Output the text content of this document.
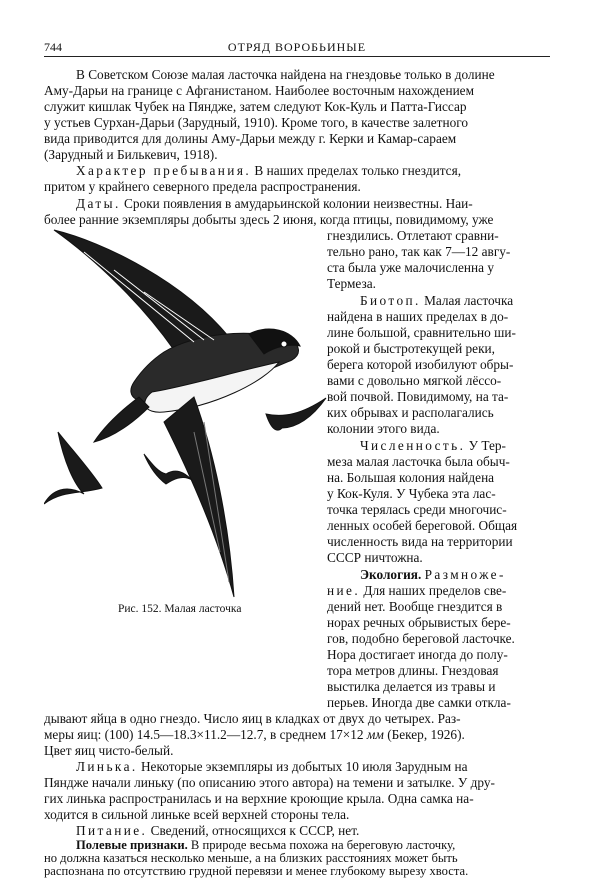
744	ОТРЯД ВОРОБЬИНЫЕ
В Советском Союзе малая ласточка найдена на гнездовье только в долине
Аму-Дарьи на границе с Афганистаном. Наиболее восточным нахождением
служит кишлак Чубек на Пяндже, затем следуют Кок-Куль и Патта-Гиссар
у устьев Сурхан-Дарьи (Зарудный, 1910). Кроме того, в качестве залетного
вида приводится для долины Аму-Дарьи между г. Керки и Камар-сараем
(Зарудный и Билькевич, 1918).
Характер пребывания. В наших пределах только гнездится,
притом у крайнего северного предела распространения.
Даты. Сроки появления в амударьинской колонии неизвестны. Наи-
более ранние экземпляры добыты здесь 2 июня, когда птицы, повидимому, уже
гнездились. Отлетают сравни-
тельно рано, так как 7—12 авгу-
ста была уже малочисленна у
Термеза.
Биотоп. Малая ласточка
найдена в наших пределах в до-
лине большой, сравнительно ши-
рокой и быстротекущей реки,
берега которой изобилуют обры-
вами с довольно мягкой лёссо-
вой почвой. Повидимому, на та-
ких обрывах и располагались
колонии этого вида.
Численность. У Тер-
меза малая ласточка была обыч-
на. Большая колония найдена
у Кок-Куля. У Чубека эта лас-
точка терялась среди многочис-
ленных особей береговой. Общая
численность вида на территории
СССР ничтожна.
Экология. Размноже-
ние. Для наших пределов све-
дений нет. Вообще гнездится в
норах речных обрывистых бере-
гов, подобно береговой ласточке.
Нора достигает иногда до полу-
тора метров длины. Гнездовая
выстилка делается из травы и
перьев. Иногда две самки откла-
дывают яйца в одно гнездо. Число яиц в кладках от двух до четырех. Раз-
меры яиц: (100) 14.5—18.3×11.2—12.7, в среднем 17×12 мм (Бекер, 1926).
Цвет яиц чисто-белый.
Линька. Некоторые экземпляры из добытых 10 июля Зарудным на
Пяндже начали линьку (по описанию этого автора) на темени и затылке. У дру-
гих линька распространилась и на верхние кроющие крыла. Одна самка на-
ходится в сильной линьке всей верхней стороны тела.
Питание. Сведений, относящихся к СССР, нет.
Полевые признаки. В природе весьма похожа на береговую ласточку,
но должна казаться несколько меньше, а на близких расстояниях может быть
распознана по отсутствию грудной перевязи и менее глубокому вырезу хвоста.
Рис. 152. Малая ласточка
